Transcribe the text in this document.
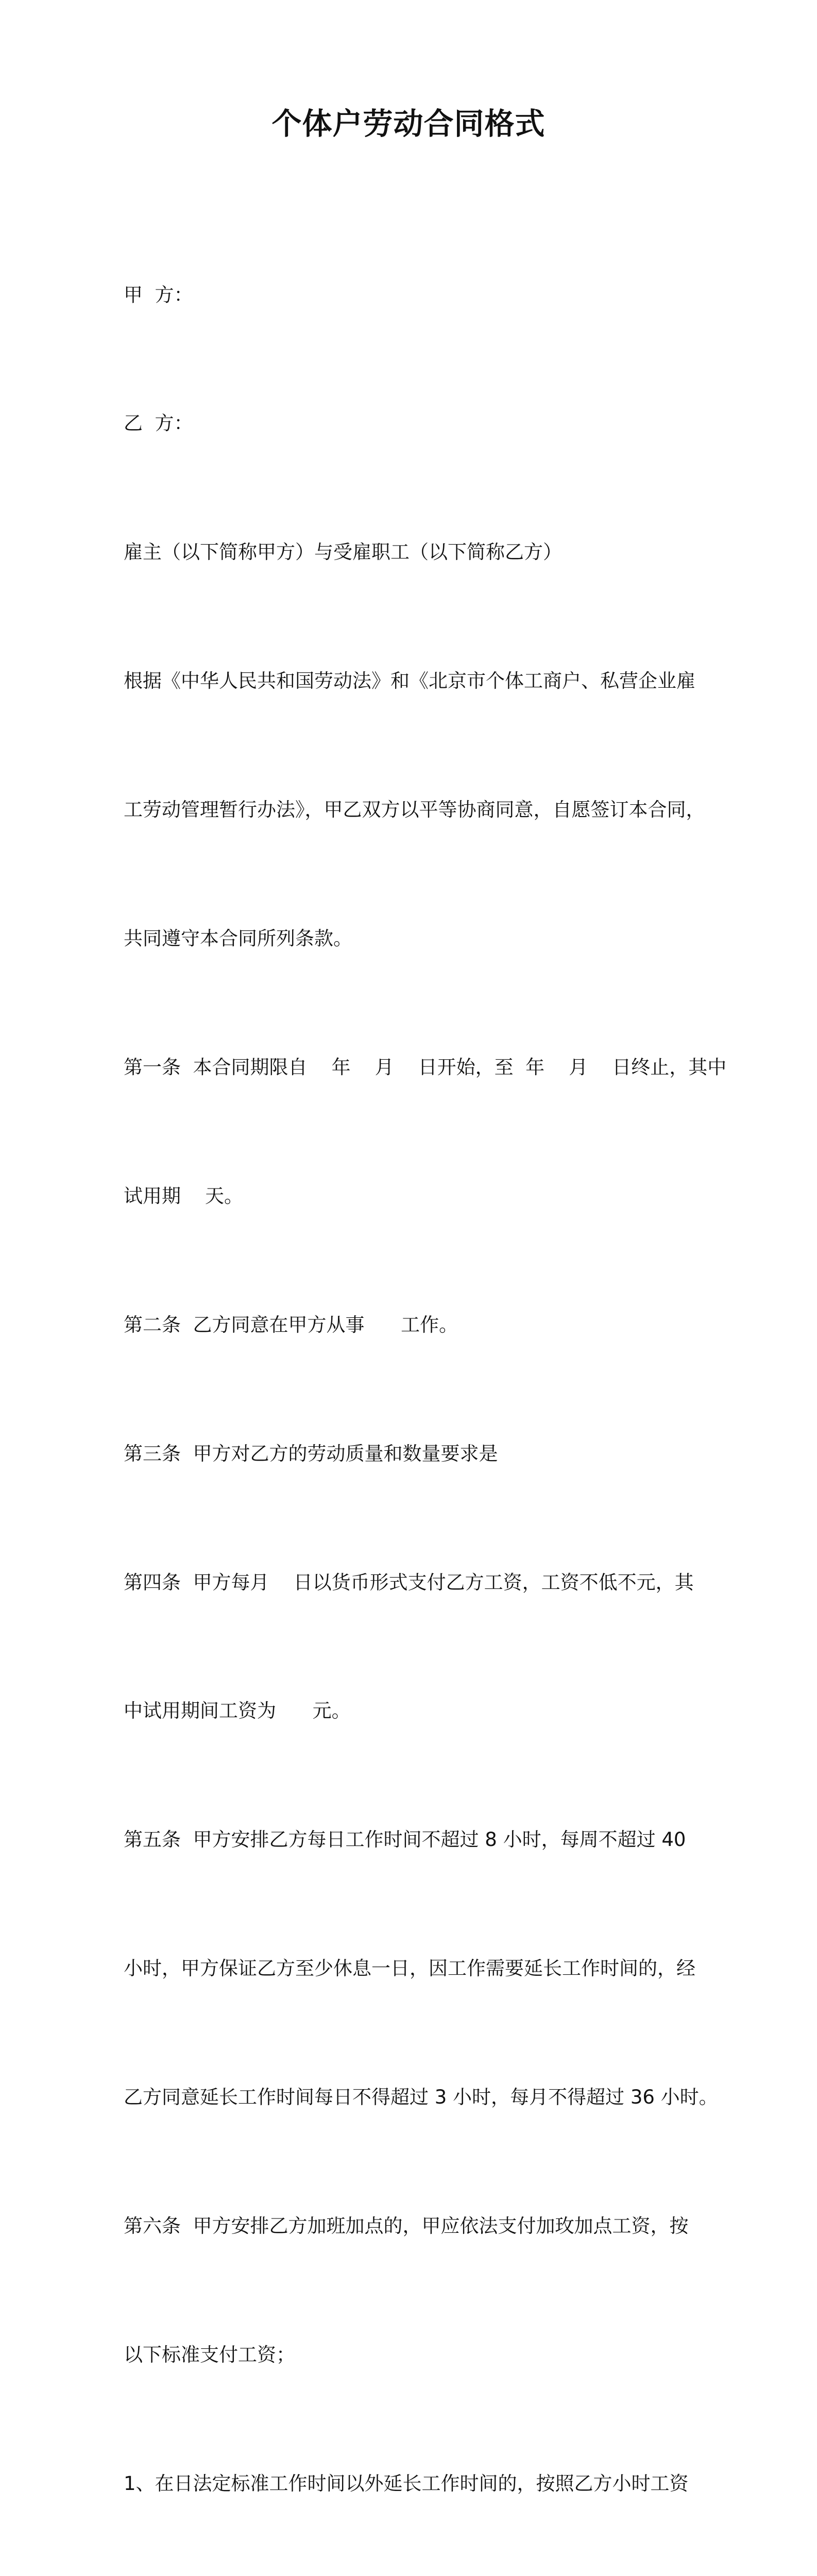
个体户劳动合同格式

甲  方：

乙  方：

雇主（以下简称甲方）与受雇职工（以下简称乙方）

根据《中华人民共和国劳动法》和《北京市个体工商户、私营企业雇

工劳动管理暂行办法》，甲乙双方以平等协商同意，自愿签订本合同，

共同遵守本合同所列条款。

第一条  本合同期限自    年    月    日开始，至  年    月    日终止，其中

试用期    天。

第二条  乙方同意在甲方从事      工作。

第三条  甲方对乙方的劳动质量和数量要求是

第四条  甲方每月    日以货币形式支付乙方工资，工资不低不元，其

中试用期间工资为      元。

第五条  甲方安排乙方每日工作时间不超过 8 小时，每周不超过 40

小时，甲方保证乙方至少休息一日，因工作需要延长工作时间的，经

乙方同意延长工作时间每日不得超过 3 小时，每月不得超过 36 小时。

第六条  甲方安排乙方加班加点的，甲应依法支付加玫加点工资，按

以下标准支付工资；

1、在日法定标准工作时间以外延长工作时间的，按照乙方小时工资
